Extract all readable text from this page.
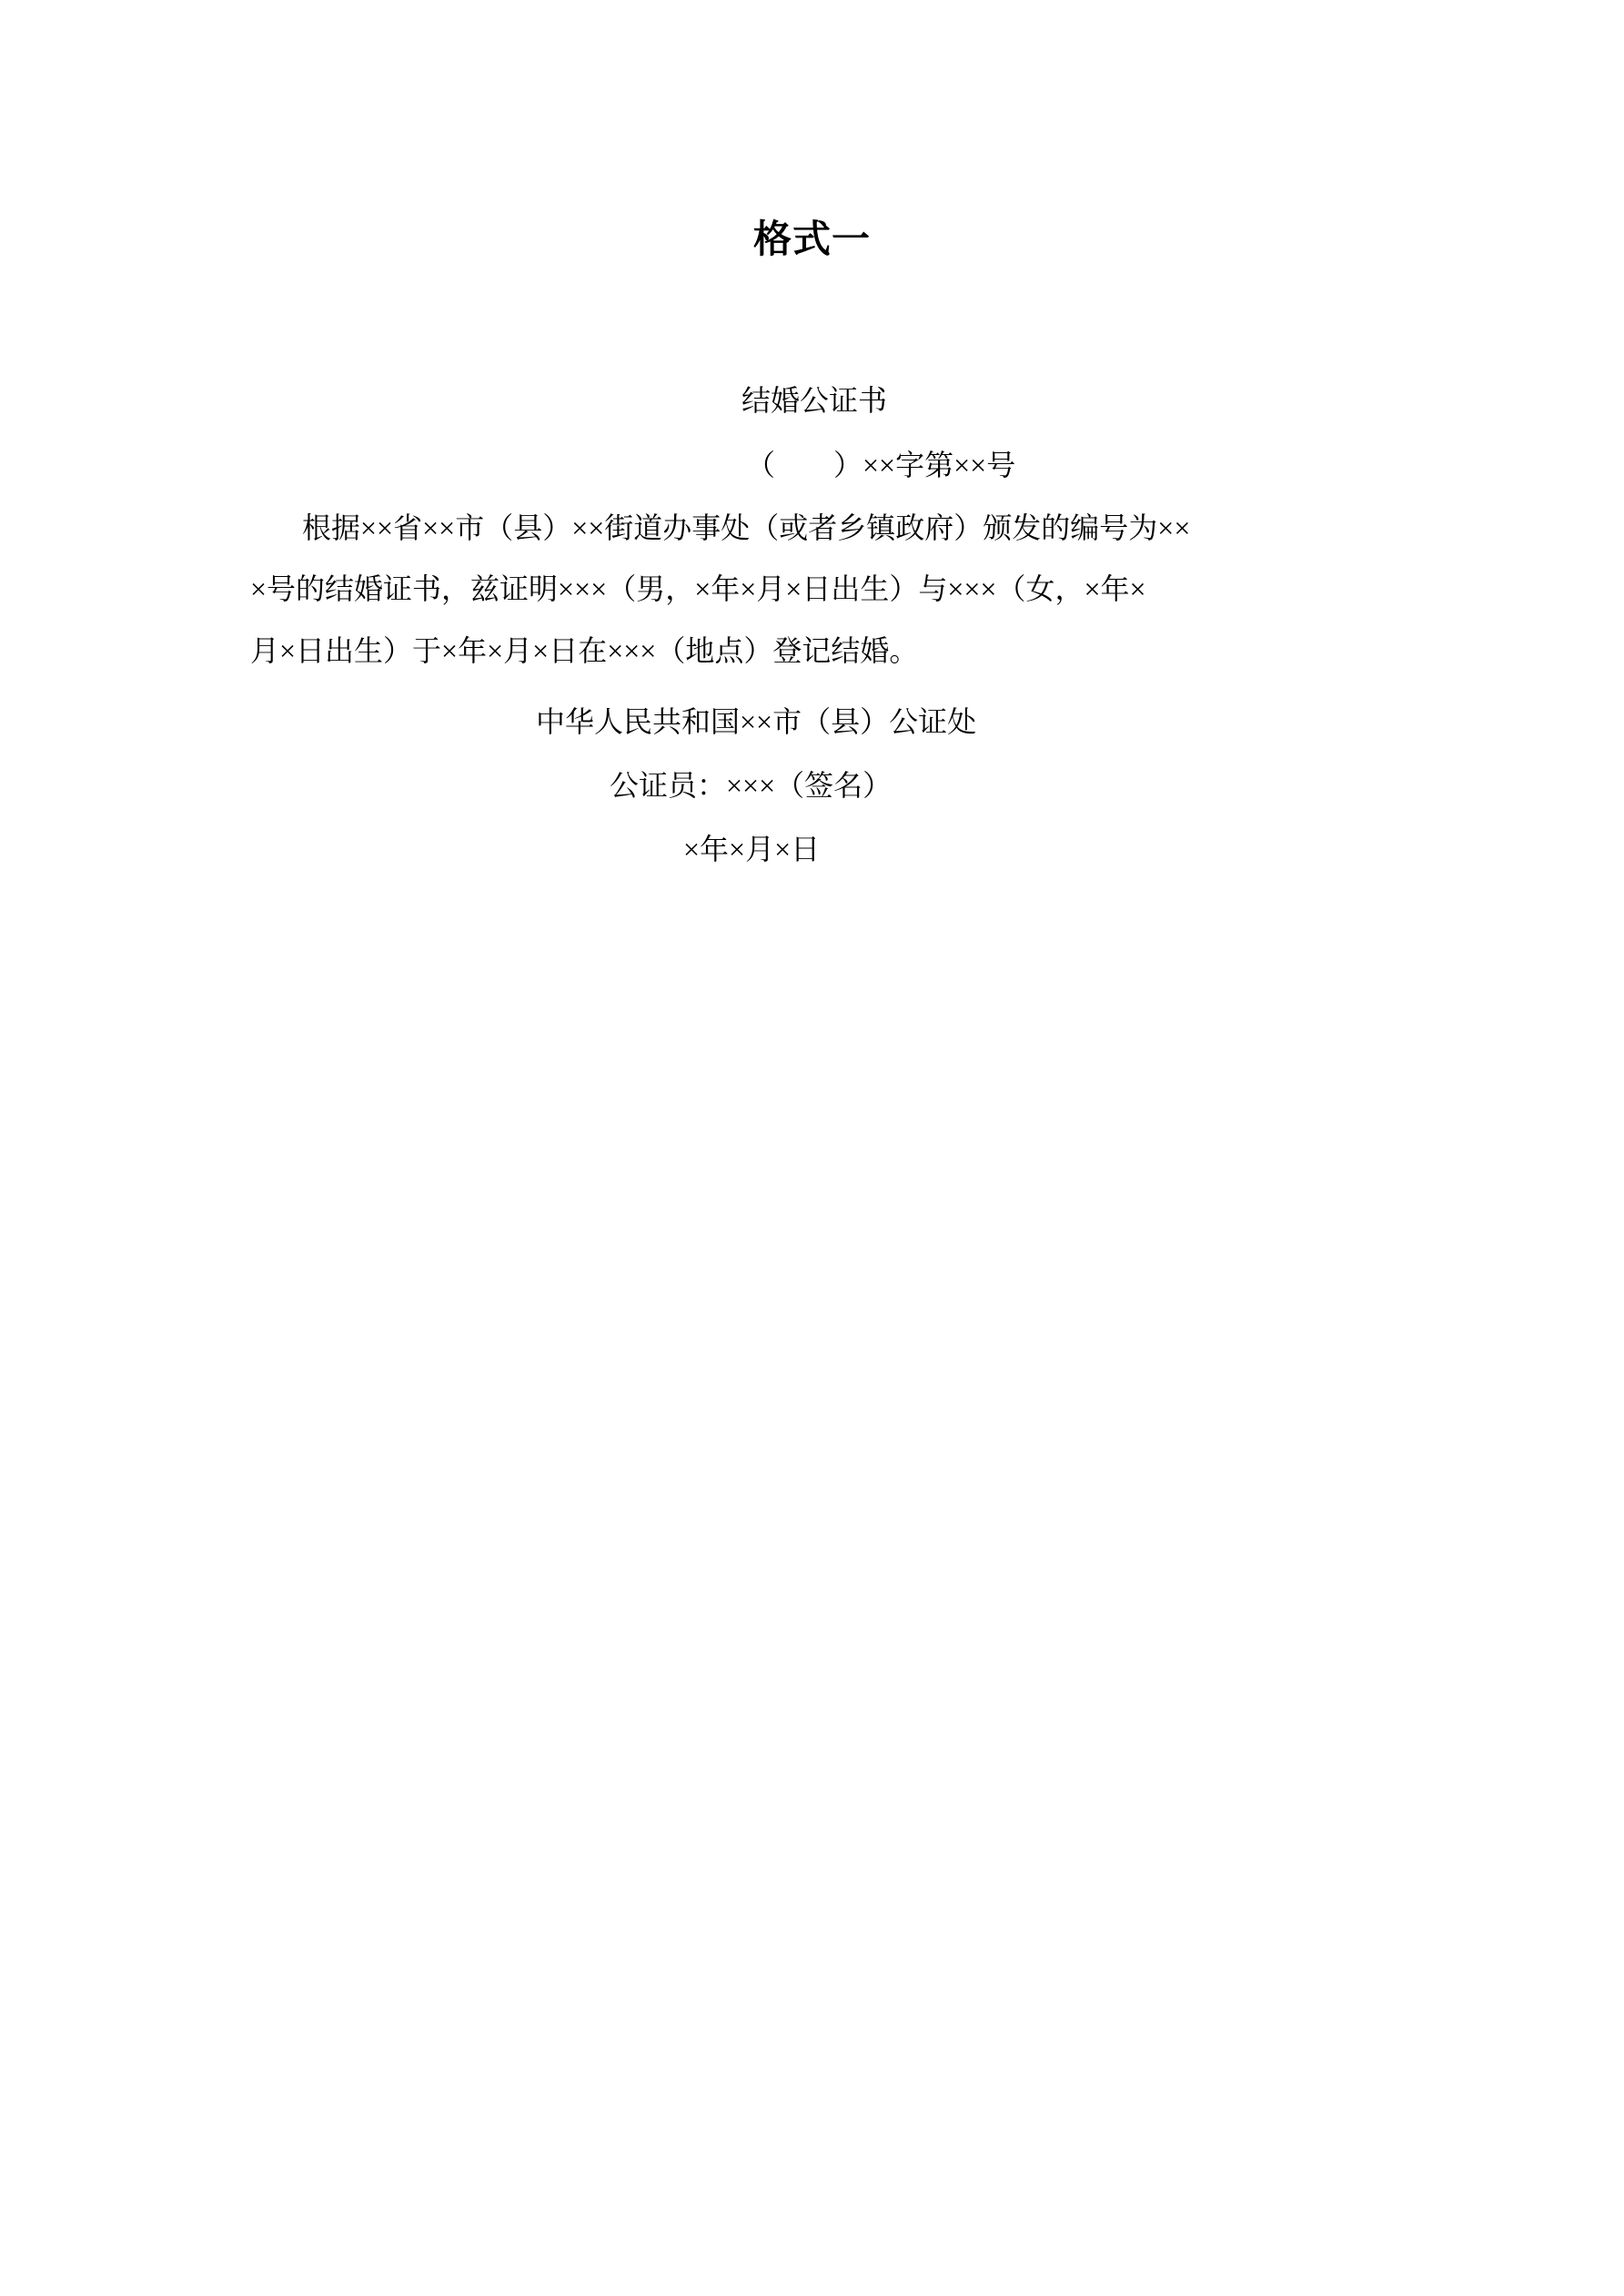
格式一
结婚公证书
（　　）××字第××号
根据××省××市（县）××街道办事处（或者乡镇政府）颁发的编号为××
×号的结婚证书，兹证明×××（男，×年×月×日出生）与×××（女，×年×
月×日出生）于×年×月×日在×××（地点）登记结婚。
中华人民共和国××市（县）公证处
公证员：×××（签名）
×年×月×日
